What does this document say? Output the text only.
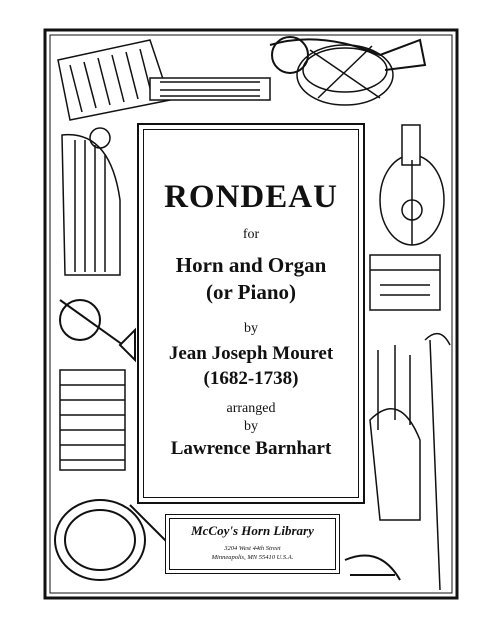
RONDEAU
for
Horn and Organ
(or Piano)
by
Jean Joseph Mouret
(1682-1738)
arranged
by
Lawrence Barnhart
McCoy's Horn Library
3204 West 44th Street
Minneapolis, MN 55410 U.S.A.
